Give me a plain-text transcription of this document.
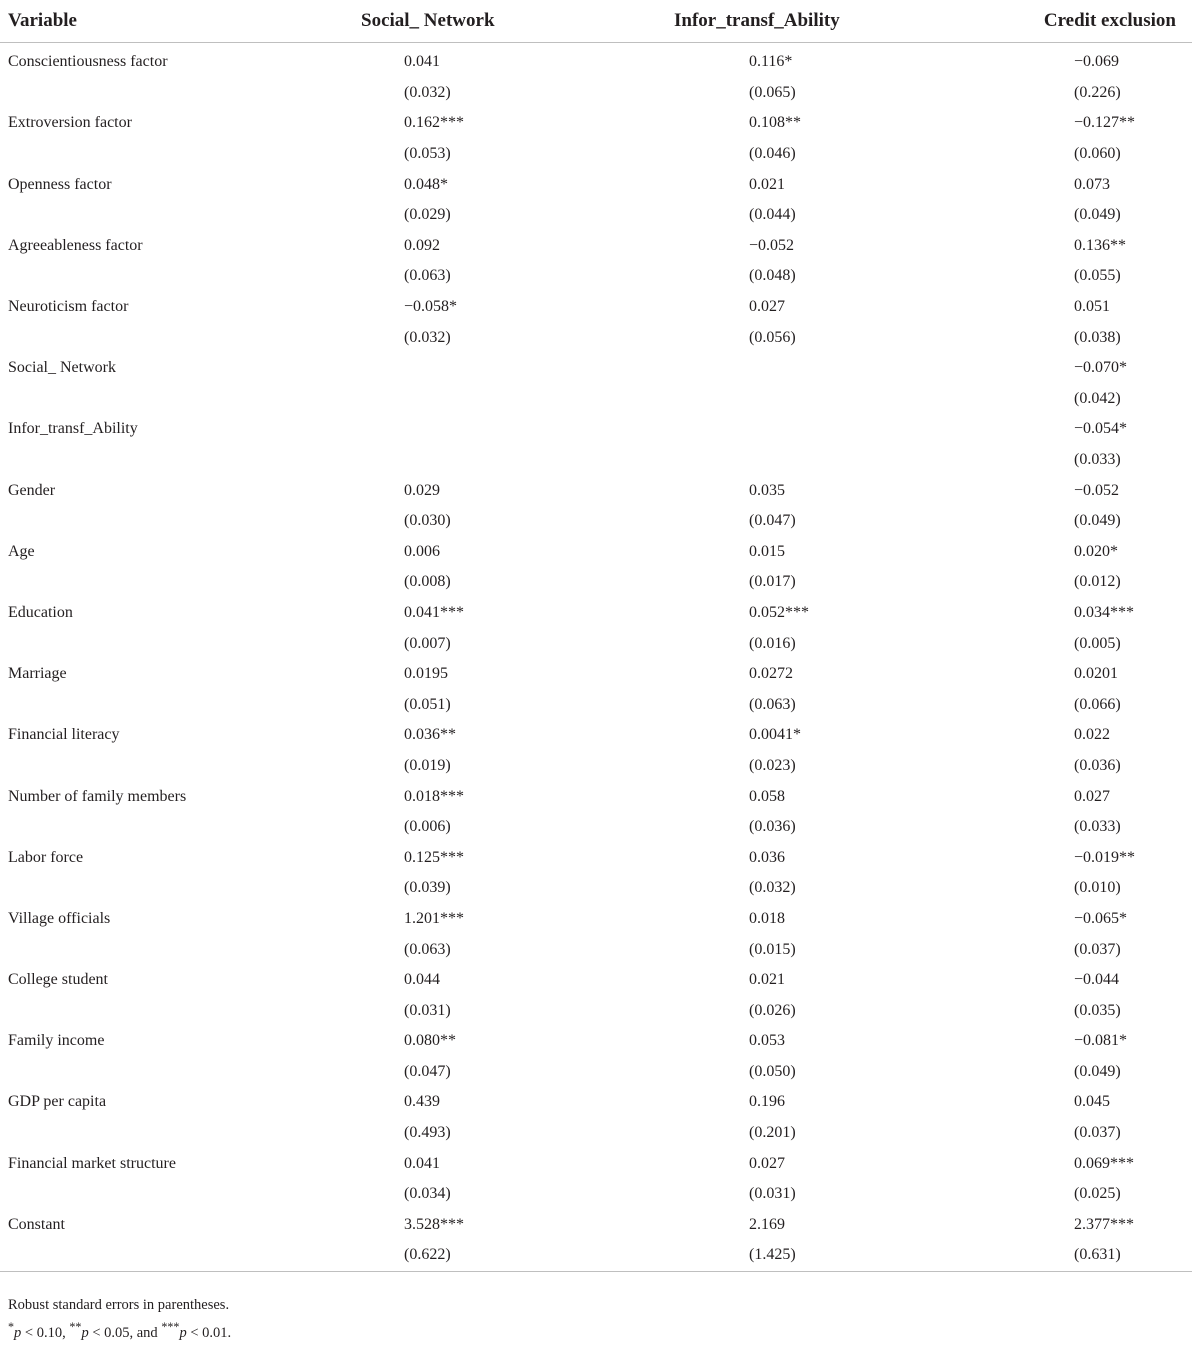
Variable	Social_ Network	Infor_transf_Ability	Credit exclusion
Conscientiousness factor	0.041	0.116*	−0.069
	(0.032)	(0.065)	(0.226)
Extroversion factor	0.162***	0.108**	−0.127**
	(0.053)	(0.046)	(0.060)
Openness factor	0.048*	0.021	0.073
	(0.029)	(0.044)	(0.049)
Agreeableness factor	0.092	−0.052	0.136**
	(0.063)	(0.048)	(0.055)
Neuroticism factor	−0.058*	0.027	0.051
	(0.032)	(0.056)	(0.038)
Social_ Network			−0.070*
			(0.042)
Infor_transf_Ability			−0.054*
			(0.033)
Gender	0.029	0.035	−0.052
	(0.030)	(0.047)	(0.049)
Age	0.006	0.015	0.020*
	(0.008)	(0.017)	(0.012)
Education	0.041***	0.052***	0.034***
	(0.007)	(0.016)	(0.005)
Marriage	0.0195	0.0272	0.0201
	(0.051)	(0.063)	(0.066)
Financial literacy	0.036**	0.0041*	0.022
	(0.019)	(0.023)	(0.036)
Number of family members	0.018***	0.058	0.027
	(0.006)	(0.036)	(0.033)
Labor force	0.125***	0.036	−0.019**
	(0.039)	(0.032)	(0.010)
Village officials	1.201***	0.018	−0.065*
	(0.063)	(0.015)	(0.037)
College student	0.044	0.021	−0.044
	(0.031)	(0.026)	(0.035)
Family income	0.080**	0.053	−0.081*
	(0.047)	(0.050)	(0.049)
GDP per capita	0.439	0.196	0.045
	(0.493)	(0.201)	(0.037)
Financial market structure	0.041	0.027	0.069***
	(0.034)	(0.031)	(0.025)
Constant	3.528***	2.169	2.377***
	(0.622)	(1.425)	(0.631)
Robust standard errors in parentheses.
*p < 0.10, **p < 0.05, and ***p < 0.01.
